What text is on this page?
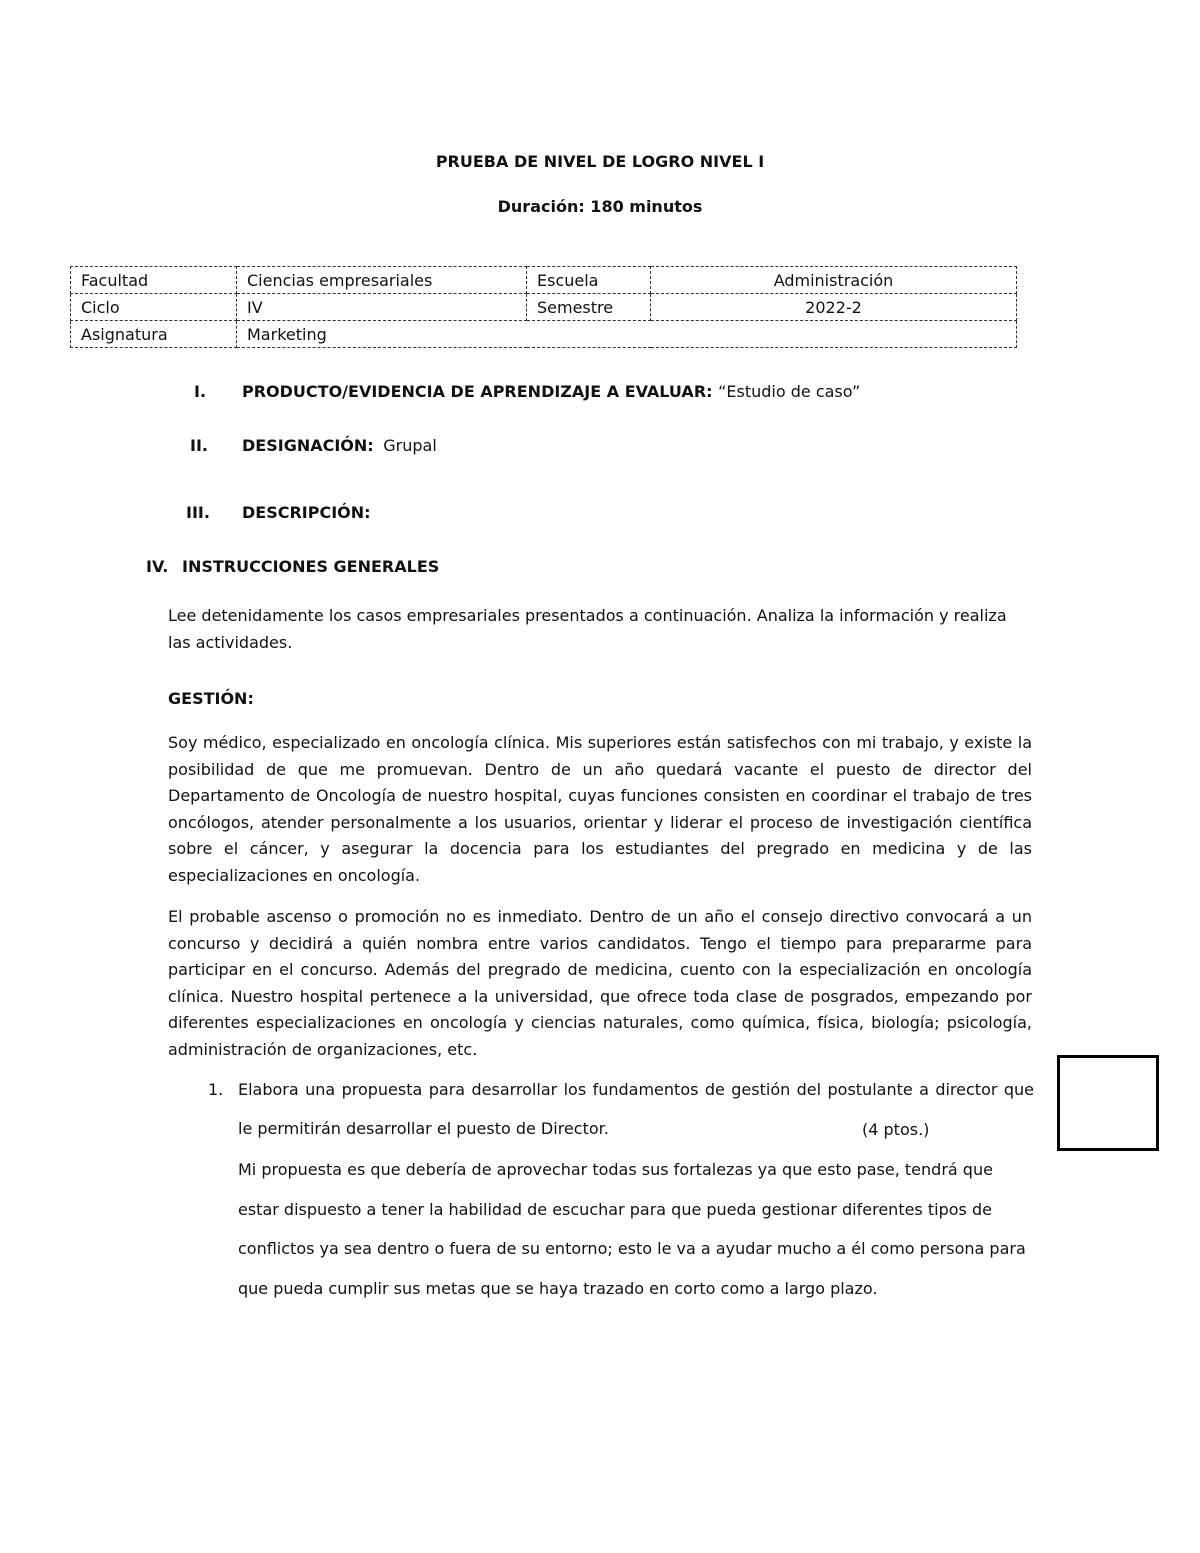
PRUEBA DE NIVEL DE LOGRO NIVEL I
Duración: 180 minutos
Facultad	Ciencias empresariales	Escuela	Administración
Ciclo	IV	Semestre	2022-2
Asignatura	Marketing		
I. PRODUCTO/EVIDENCIA DE APRENDIZAJE A EVALUAR: “Estudio de caso”
II. DESIGNACIÓN: Grupal
III. DESCRIPCIÓN:
IV. INSTRUCCIONES GENERALES
Lee detenidamente los casos empresariales presentados a continuación. Analiza la información y realiza las actividades.
GESTIÓN:
Soy médico, especializado en oncología clínica. Mis superiores están satisfechos con mi trabajo, y existe la posibilidad de que me promuevan. Dentro de un año quedará vacante el puesto de director del Departamento de Oncología de nuestro hospital, cuyas funciones consisten en coordinar el trabajo de tres oncólogos, atender personalmente a los usuarios, orientar y liderar el proceso de investigación científica sobre el cáncer, y asegurar la docencia para los estudiantes del pregrado en medicina y de las especializaciones en oncología.
El probable ascenso o promoción no es inmediato. Dentro de un año el consejo directivo convocará a un concurso y decidirá a quién nombra entre varios candidatos. Tengo el tiempo para prepararme para participar en el concurso. Además del pregrado de medicina, cuento con la especialización en oncología clínica. Nuestro hospital pertenece a la universidad, que ofrece toda clase de posgrados, empezando por diferentes especializaciones en oncología y ciencias naturales, como química, física, biología; psicología, administración de organizaciones, etc.
1. Elabora una propuesta para desarrollar los fundamentos de gestión del postulante a director que le permitirán desarrollar el puesto de Director.	(4 ptos.)
Mi propuesta es que debería de aprovechar todas sus fortalezas ya que esto pase, tendrá que estar dispuesto a tener la habilidad de escuchar para que pueda gestionar diferentes tipos de conflictos ya sea dentro o fuera de su entorno; esto le va a ayudar mucho a él como persona para que pueda cumplir sus metas que se haya trazado en corto como a largo plazo.
